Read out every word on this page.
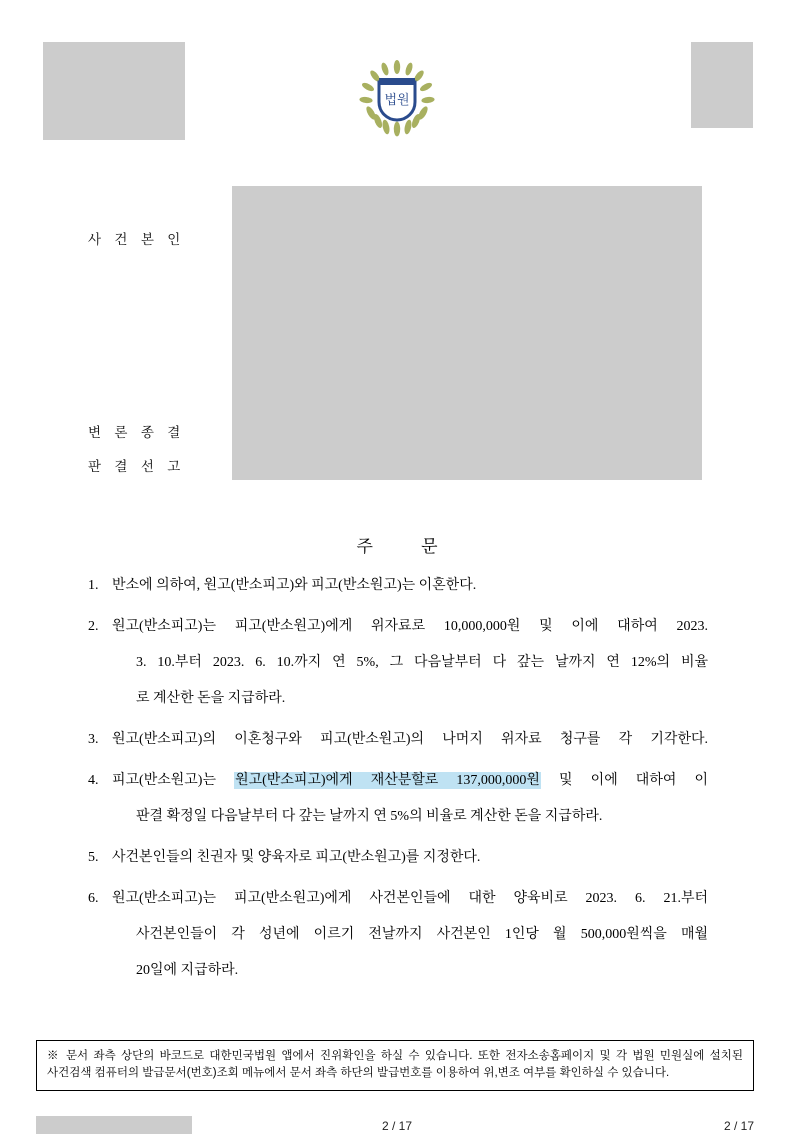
법원
사 건 본 인
변 론 종 결
판 결 선 고
주 문
1. 반소에 의하여, 원고(반소피고)와 피고(반소원고)는 이혼한다.
2. 원고(반소피고)는 피고(반소원고)에게 위자료로 10,000,000원 및 이에 대하여 2023.
3. 10.부터 2023. 6. 10.까지 연 5%, 그 다음날부터 다 갚는 날까지 연 12%의 비율
로 계산한 돈을 지급하라.
3. 원고(반소피고)의 이혼청구와 피고(반소원고)의 나머지 위자료 청구를 각 기각한다.
4. 피고(반소원고)는 원고(반소피고)에게 재산분할로 137,000,000원 및 이에 대하여 이
판결 확정일 다음날부터 다 갚는 날까지 연 5%의 비율로 계산한 돈을 지급하라.
5. 사건본인들의 친권자 및 양육자로 피고(반소원고)를 지정한다.
6. 원고(반소피고)는 피고(반소원고)에게 사건본인들에 대한 양육비로 2023. 6. 21.부터
사건본인들이 각 성년에 이르기 전날까지 사건본인 1인당 월 500,000원씩을 매월
20일에 지급하라.

※ 문서 좌측 상단의 바코드로 대한민국법원 앱에서 진위확인을 하실 수 있습니다. 또한 전자소송홈페이지 및 각 법원 민원실에 설치된 사건검색 컴퓨터의 발급문서(번호)조회 메뉴에서 문서 좌측 하단의 발급번호를 이용하여 위,변조 여부를 확인하실 수 있습니다.

2 / 17	2 / 17
